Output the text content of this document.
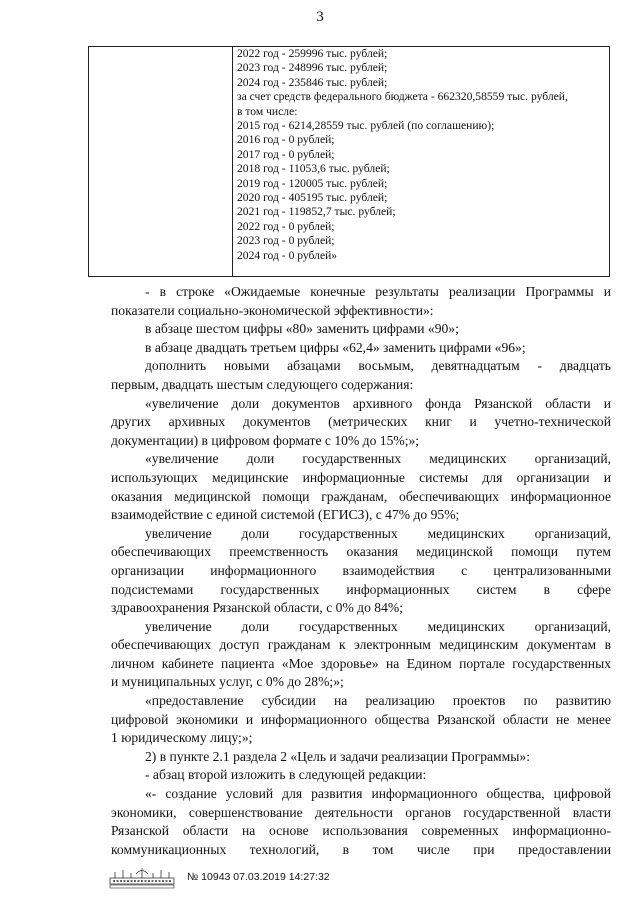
3

2022 год - 259996 тыс. рублей;
2023 год - 248996 тыс. рублей;
2024 год - 235846 тыс. рублей;
за счет средств федерального бюджета - 662320,58559 тыс. рублей,
в том числе:
2015 год - 6214,28559 тыс. рублей (по соглашению);
2016 год - 0 рублей;
2017 год - 0 рублей;
2018 год - 11053,6 тыс. рублей;
2019 год - 120005 тыс. рублей;
2020 год - 405195 тыс. рублей;
2021 год - 119852,7 тыс. рублей;
2022 год - 0 рублей;
2023 год - 0 рублей;
2024 год - 0 рублей»
- в строке «Ожидаемые конечные результаты реализации Программы и
показатели социально-экономической эффективности»:
в абзаце шестом цифры «80» заменить цифрами «90»;
в абзаце двадцать третьем цифры «62,4» заменить цифрами «96»;
дополнить новыми абзацами восьмым, девятнадцатым - двадцать
первым, двадцать шестым следующего содержания:
«увеличение доли документов архивного фонда Рязанской области и
других архивных документов (метрических книг и учетно-технической
документации) в цифровом формате с 10% до 15%;»;
«увеличение доли государственных медицинских организаций,
использующих медицинские информационные системы для организации и
оказания медицинской помощи гражданам, обеспечивающих информационное
взаимодействие с единой системой (ЕГИСЗ), с 47% до 95%;
увеличение доли государственных медицинских организаций,
обеспечивающих преемственность оказания медицинской помощи путем
организации информационного взаимодействия с централизованными
подсистемами государственных информационных систем в сфере
здравоохранения Рязанской области, с 0% до 84%;
увеличение доли государственных медицинских организаций,
обеспечивающих доступ гражданам к электронным медицинским документам в
личном кабинете пациента «Мое здоровье» на Едином портале государственных
и муниципальных услуг, с 0% до 28%;»;
«предоставление субсидии на реализацию проектов по развитию
цифровой экономики и информационного общества Рязанской области не менее
1 юридическому лицу;»;
2) в пункте 2.1 раздела 2 «Цель и задачи реализации Программы»:
- абзац второй изложить в следующей редакции:
«- создание условий для развития информационного общества, цифровой
экономики, совершенствование деятельности органов государственной власти
Рязанской области на основе использования современных информационно-
коммуникационных технологий, в том числе при предоставлении
№ 10943 07.03.2019 14:27:32
